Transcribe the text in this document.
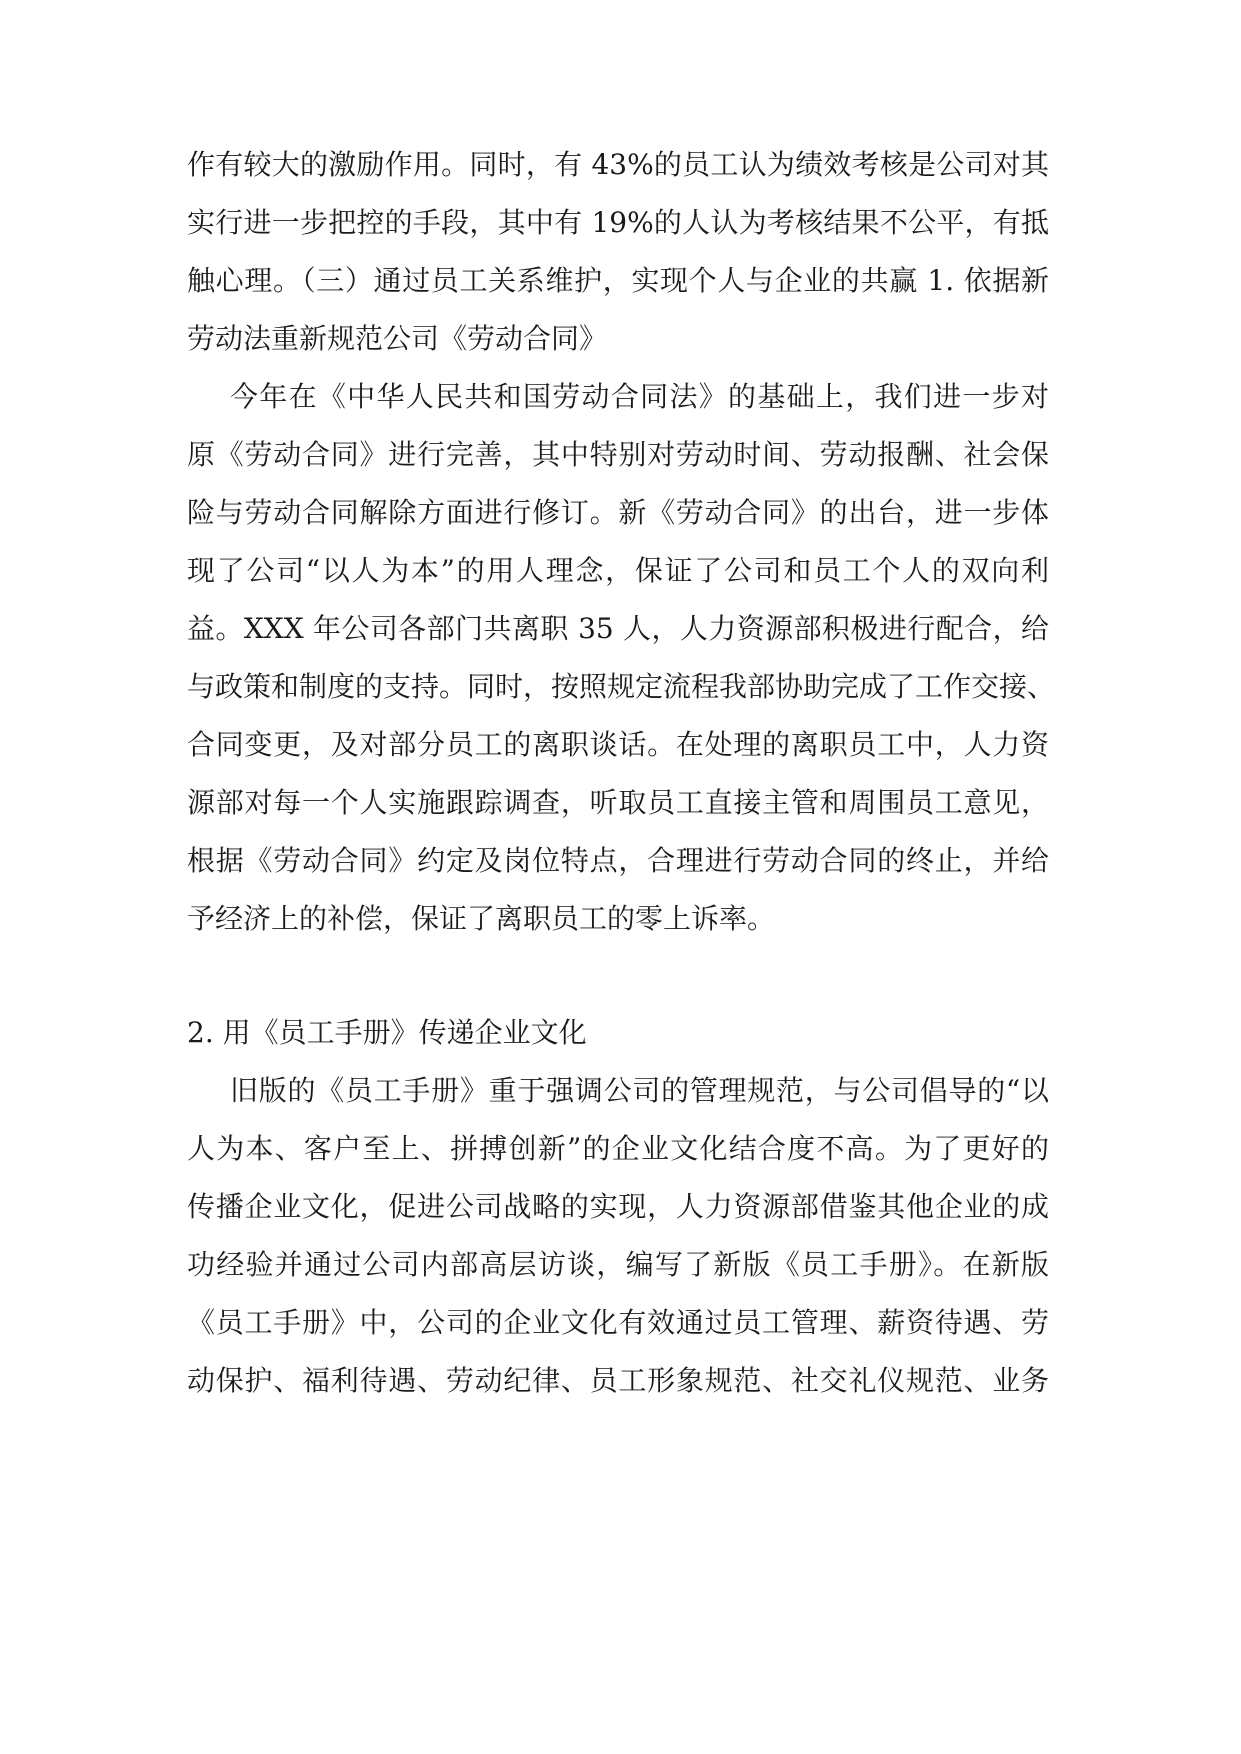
作有较大的激励作用。同时，有 43%的员工认为绩效考核是公司对其

实行进一步把控的手段，其中有 19%的人认为考核结果不公平，有抵

触心理。（三）通过员工关系维护，实现个人与企业的共赢 1. 依据新

劳动法重新规范公司《劳动合同》

今年在《中华人民共和国劳动合同法》的基础上，我们进一步对

原《劳动合同》进行完善，其中特别对劳动时间、劳动报酬、社会保

险与劳动合同解除方面进行修订。新《劳动合同》的出台，进一步体

现了公司“以人为本”的用人理念，保证了公司和员工个人的双向利

益。XXX 年公司各部门共离职 35 人，人力资源部积极进行配合，给

与政策和制度的支持。同时，按照规定流程我部协助完成了工作交接、

合同变更，及对部分员工的离职谈话。在处理的离职员工中，人力资

源部对每一个人实施跟踪调查，听取员工直接主管和周围员工意见，

根据《劳动合同》约定及岗位特点，合理进行劳动合同的终止，并给

予经济上的补偿，保证了离职员工的零上诉率。

2. 用《员工手册》传递企业文化

旧版的《员工手册》重于强调公司的管理规范，与公司倡导的“以

人为本、客户至上、拼搏创新”的企业文化结合度不高。为了更好的

传播企业文化，促进公司战略的实现，人力资源部借鉴其他企业的成

功经验并通过公司内部高层访谈，编写了新版《员工手册》。在新版

《员工手册》中，公司的企业文化有效通过员工管理、薪资待遇、劳

动保护、福利待遇、劳动纪律、员工形象规范、社交礼仪规范、业务
